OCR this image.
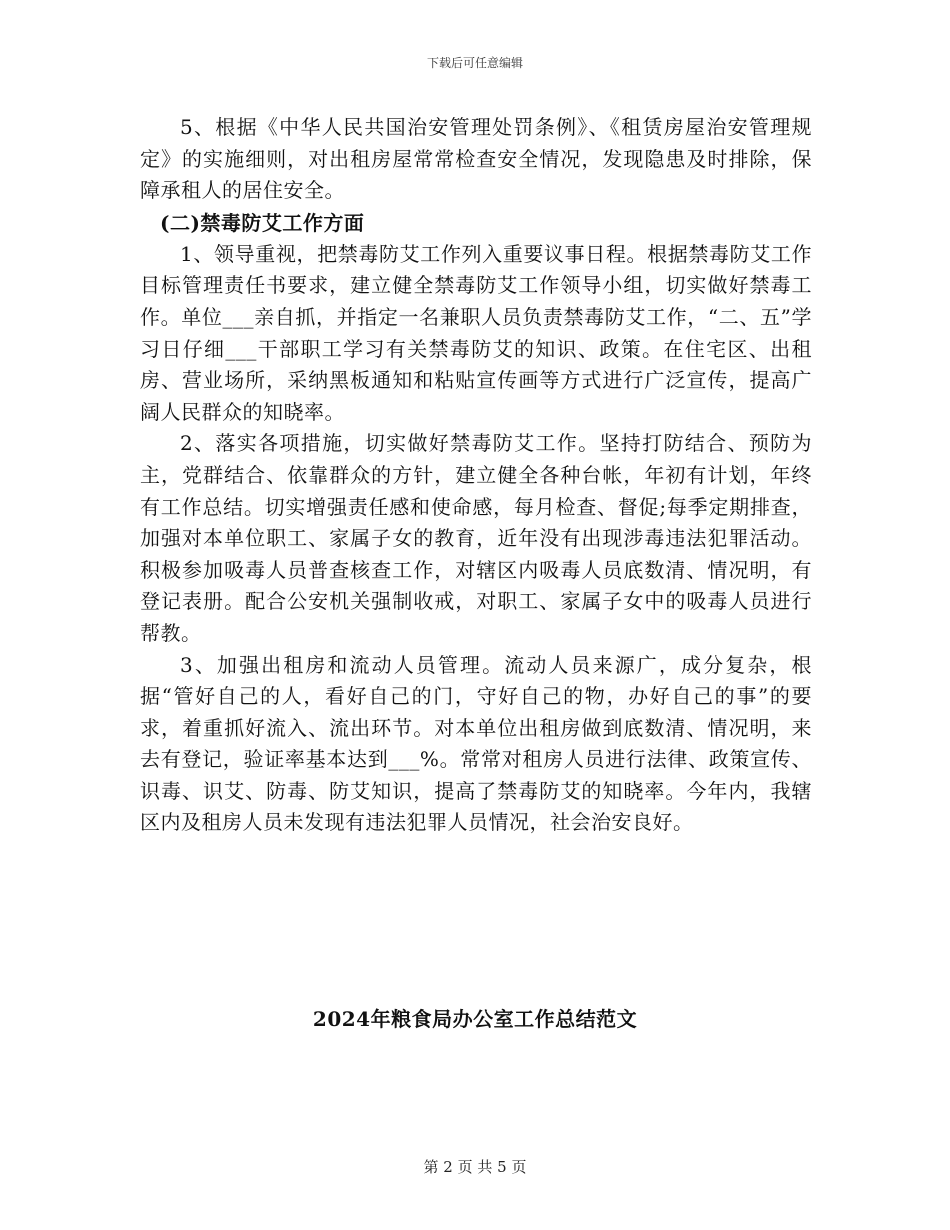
下载后可任意编辑

5、根据《中华人民共国治安管理处罚条例》、《租赁房屋治安管理规定》的实施细则，对出租房屋常常检查安全情况，发现隐患及时排除，保障承租人的居住安全。

(二)禁毒防艾工作方面

1、领导重视，把禁毒防艾工作列入重要议事日程。根据禁毒防艾工作目标管理责任书要求，建立健全禁毒防艾工作领导小组，切实做好禁毒工作。单位___亲自抓，并指定一名兼职人员负责禁毒防艾工作，“二、五”学习日仔细___干部职工学习有关禁毒防艾的知识、政策。在住宅区、出租房、营业场所，采纳黑板通知和粘贴宣传画等方式进行广泛宣传，提高广阔人民群众的知晓率。

2、落实各项措施，切实做好禁毒防艾工作。坚持打防结合、预防为主，党群结合、依靠群众的方针，建立健全各种台帐，年初有计划，年终有工作总结。切实增强责任感和使命感，每月检查、督促;每季定期排查，加强对本单位职工、家属子女的教育，近年没有出现涉毒违法犯罪活动。积极参加吸毒人员普查核查工作，对辖区内吸毒人员底数清、情况明，有登记表册。配合公安机关强制收戒，对职工、家属子女中的吸毒人员进行帮教。

3、加强出租房和流动人员管理。流动人员来源广，成分复杂，根据“管好自己的人，看好自己的门，守好自己的物，办好自己的事”的要求，着重抓好流入、流出环节。对本单位出租房做到底数清、情况明，来去有登记，验证率基本达到___%。常常对租房人员进行法律、政策宣传、识毒、识艾、防毒、防艾知识，提高了禁毒防艾的知晓率。今年内，我辖区内及租房人员未发现有违法犯罪人员情况，社会治安良好。

2024年粮食局办公室工作总结范文
第 2 页 共 5 页
